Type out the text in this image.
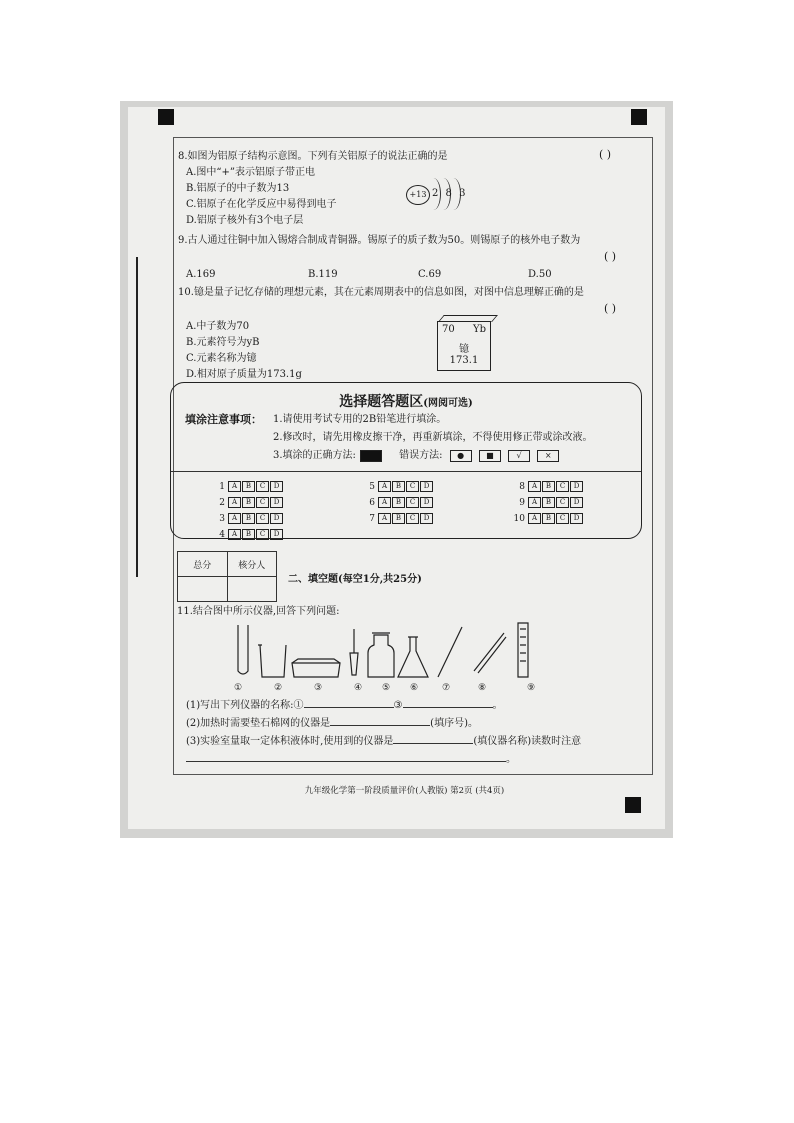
8.如图为铝原子结构示意图。下列有关铝原子的说法正确的是	( )
A.图中“+”表示铝原子带正电
B.铝原子的中子数为13
C.铝原子在化学反应中易得到电子
D.铝原子核外有3个电子层
+13 2 8 3
9.古人通过往铜中加入锡熔合制成青铜器。锡原子的质子数为50。则锡原子的核外电子数为
( )
A.169	B.119	C.69	D.50
10.镱是量子记忆存储的理想元素，其在元素周期表中的信息如图，对图中信息理解正确的是
( )
A.中子数为70
B.元素符号为yB
C.元素名称为镱
D.相对原子质量为173.1g
70 Yb
镱
173.1
选择题答题区(网阅可选)
填涂注意事项： 1.请使用考试专用的2B铅笔进行填涂。
2.修改时，请先用橡皮擦干净，再重新填涂，不得使用修正带或涂改液。
3.填涂的正确方法:	错误方法: ●	■	√	×
1 A	B	C	D
2 A	B	C	D
3 A	B	C	D
4 A	B	C	D
5 A	B	C	D
6 A	B	C	D
7 A	B	C	D
8 A	B	C	D
9 A	B	C	D
10 A	B	C	D
总分	核分人

二、填空题(每空1分,共25分)
11.结合图中所示仪器,回答下列问题:
①	②	③	④	⑤	⑥	⑦	⑧	⑨
(1)写出下列仪器的名称:①	③	。
(2)加热时需要垫石棉网的仪器是	(填序号)。
(3)实验室量取一定体积液体时,使用到的仪器是	(填仪器名称)读数时注意
。
九年级化学第一阶段质量评价(人教版) 第2页 (共4页)
